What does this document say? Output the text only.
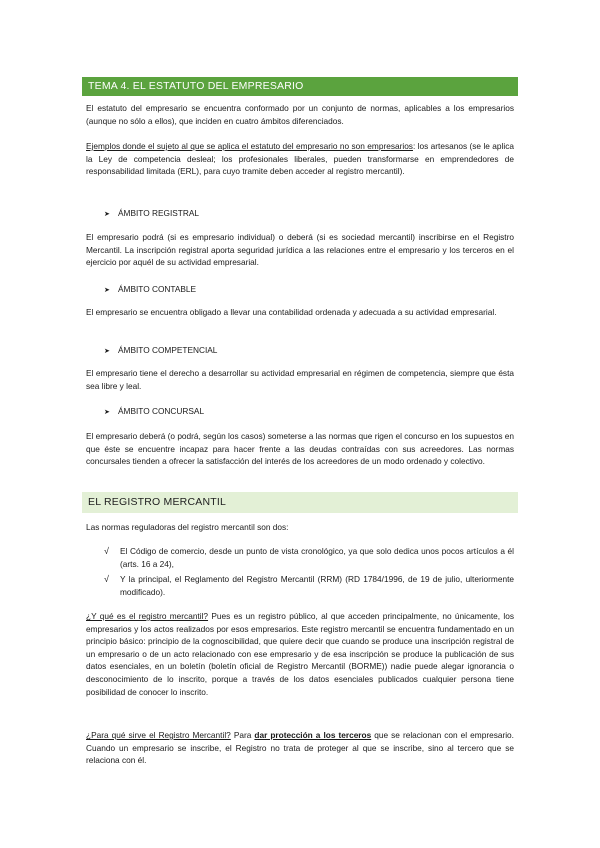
TEMA 4. EL ESTATUTO DEL EMPRESARIO

El estatuto del empresario se encuentra conformado por un conjunto de normas, aplicables a los empresarios (aunque no sólo a ellos), que inciden en cuatro ámbitos diferenciados.

Ejemplos donde el sujeto al que se aplica el estatuto del empresario no son empresarios: los artesanos (se le aplica la Ley de competencia desleal; los profesionales liberales, pueden transformarse en emprendedores de responsabilidad limitada (ERL), para cuyo tramite deben acceder al registro mercantil).

➤ ÁMBITO REGISTRAL

El empresario podrá (si es empresario individual) o deberá (si es sociedad mercantil) inscribirse en el Registro Mercantil. La inscripción registral aporta seguridad jurídica a las relaciones entre el empresario y los terceros en el ejercicio por aquél de su actividad empresarial.

➤ ÁMBITO CONTABLE

El empresario se encuentra obligado a llevar una contabilidad ordenada y adecuada a su actividad empresarial.

➤ ÁMBITO COMPETENCIAL

El empresario tiene el derecho a desarrollar su actividad empresarial en régimen de competencia, siempre que ésta sea libre y leal.

➤ ÁMBITO CONCURSAL

El empresario deberá (o podrá, según los casos) someterse a las normas que rigen el concurso en los supuestos en que éste se encuentre incapaz para hacer frente a las deudas contraídas con sus acreedores. Las normas concursales tienden a ofrecer la satisfacción del interés de los acreedores de un modo ordenado y colectivo.

EL REGISTRO MERCANTIL

Las normas reguladoras del registro mercantil son dos:

√ El Código de comercio, desde un punto de vista cronológico, ya que solo dedica unos pocos artículos a él (arts. 16 a 24),
√ Y la principal, el Reglamento del Registro Mercantil (RRM) (RD 1784/1996, de 19 de julio, ulteriormente modificado).

¿Y qué es el registro mercantil? Pues es un registro público, al que acceden principalmente, no únicamente, los empresarios y los actos realizados por esos empresarios. Este registro mercantil se encuentra fundamentado en un principio básico: principio de la cognoscibilidad, que quiere decir que cuando se produce una inscripción registral de un empresario o de un acto relacionado con ese empresario y de esa inscripción se produce la publicación de sus datos esenciales, en un boletín (boletín oficial de Registro Mercantil (BORME)) nadie puede alegar ignorancia o desconocimiento de lo inscrito, porque a través de los datos esenciales publicados cualquier persona tiene posibilidad de conocer lo inscrito.

¿Para qué sirve el Registro Mercantil? Para dar protección a los terceros que se relacionan con el empresario. Cuando un empresario se inscribe, el Registro no trata de proteger al que se inscribe, sino al tercero que se relaciona con él.
